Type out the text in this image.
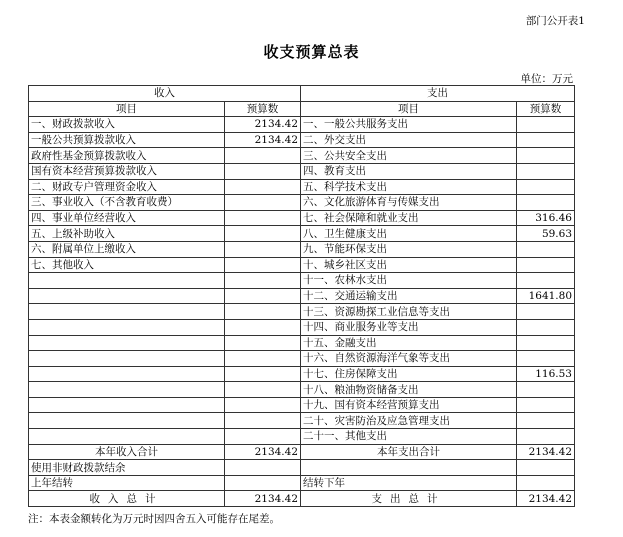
部门公开表1
收支预算总表
单位：万元
收入		支出	
项目	预算数	项目	预算数
一、财政拨款收入	2134.42	一、一般公共服务支出	
一般公共预算拨款收入	2134.42	二、外交支出	
政府性基金预算拨款收入		三、公共安全支出	
国有资本经营预算拨款收入		四、教育支出	
二、财政专户管理资金收入		五、科学技术支出	
三、事业收入（不含教育收费）		六、文化旅游体育与传媒支出	
四、事业单位经营收入		七、社会保障和就业支出	316.46
五、上级补助收入		八、卫生健康支出	59.63
六、附属单位上缴收入		九、节能环保支出	
七、其他收入		十、城乡社区支出	
		十一、农林水支出	
		十二、交通运输支出	1641.80
		十三、资源勘探工业信息等支出	
		十四、商业服务业等支出	
		十五、金融支出	
		十六、自然资源海洋气象等支出	
		十七、住房保障支出	116.53
		十八、粮油物资储备支出	
		十九、国有资本经营预算支出	
		二十、灾害防治及应急管理支出	
		二十一、其他支出	
本年收入合计	2134.42	本年支出合计	2134.42
使用非财政拨款结余			
上年结转		结转下年	
收入总计	2134.42	支出总计	2134.42
注：本表金额转化为万元时因四舍五入可能存在尾差。
